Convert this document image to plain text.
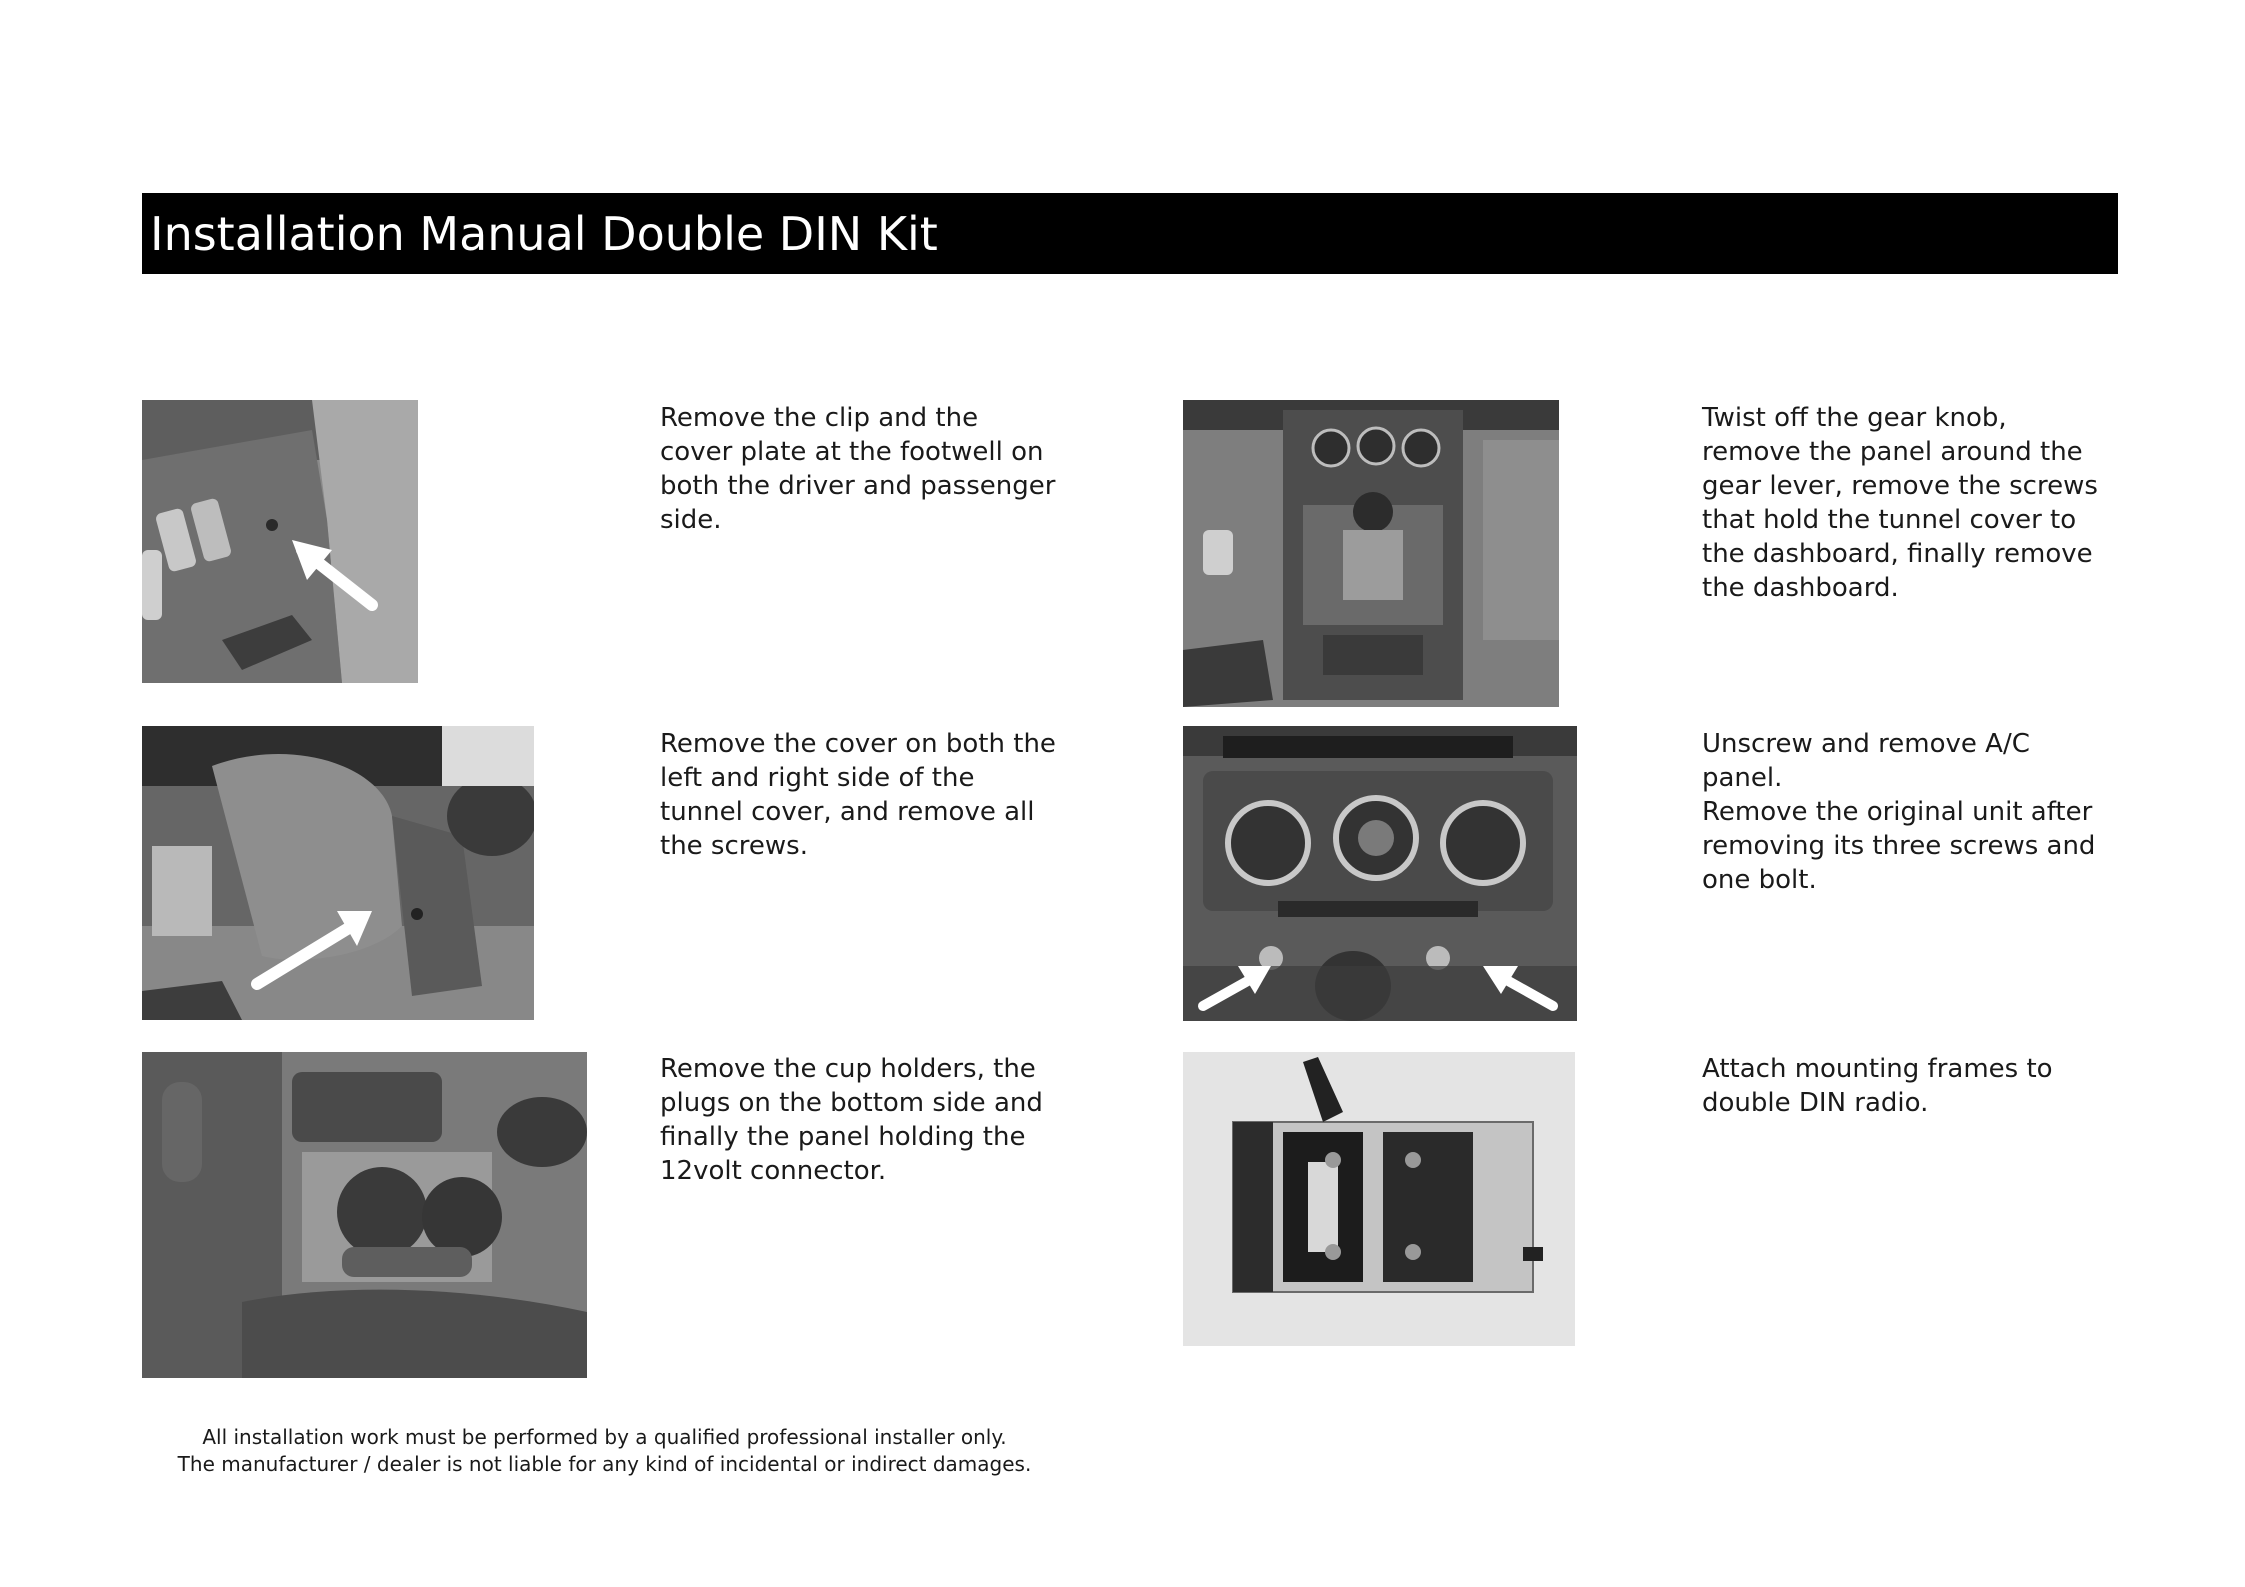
Installation Manual Double DIN Kit
Remove the clip and the
cover plate at the footwell on
both the driver and passenger
side.
Remove the cover on both the
left and right side of the
tunnel cover, and remove all
the screws.
Remove the cup holders, the
plugs on the bottom side and
finally the panel holding the
12volt connector.
Twist off the gear knob,
remove the panel around the
gear lever, remove the screws
that hold the tunnel cover to
the dashboard, finally remove
the dashboard.
Unscrew and remove A/C
panel.
Remove the original unit after
removing its three screws and
one bolt.
Attach mounting frames to
double DIN radio.
All installation work must be performed by a qualified professional installer only.
The manufacturer / dealer is not liable for any kind of incidental or indirect damages.
